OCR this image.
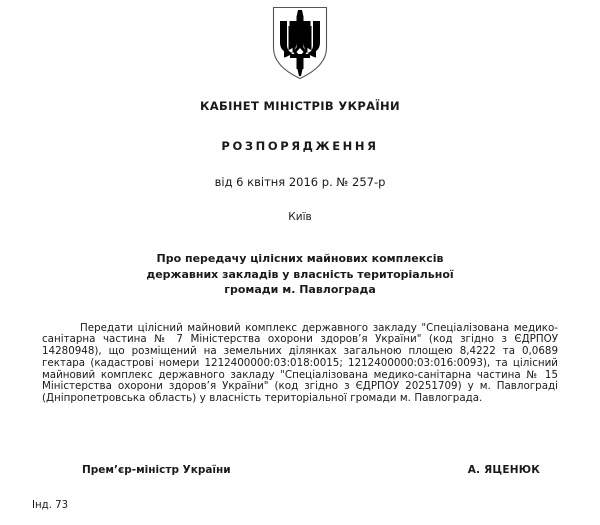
КАБІНЕТ МІНІСТРІВ УКРАЇНИ
РОЗПОРЯДЖЕННЯ
від 6 квітня 2016 р. № 257-р
Київ
Про передачу цілісних майнових комплексів
державних закладів у власність територіальної
громади м. Павлограда

Передати цілісний майновий комплекс державного закладу "Спеціалізована медико-санітарна частина № 7 Міністерства охорони здоров’я України" (код згідно з ЄДРПОУ 14280948), що розміщений на земельних ділянках загальною площею 8,4222 та 0,0689 гектара (кадастрові номери 1212400000:03:018:0015; 1212400000:03:016:0093), та цілісний майновий комплекс державного закладу "Спеціалізована медико-санітарна частина № 15 Міністерства охорони здоров’я України" (код згідно з ЄДРПОУ 20251709) у м. Павлограді (Дніпропетровська область) у власність територіальної громади м. Павлограда.

Прем’єр-міністр України	А. ЯЦЕНЮК
Інд. 73
